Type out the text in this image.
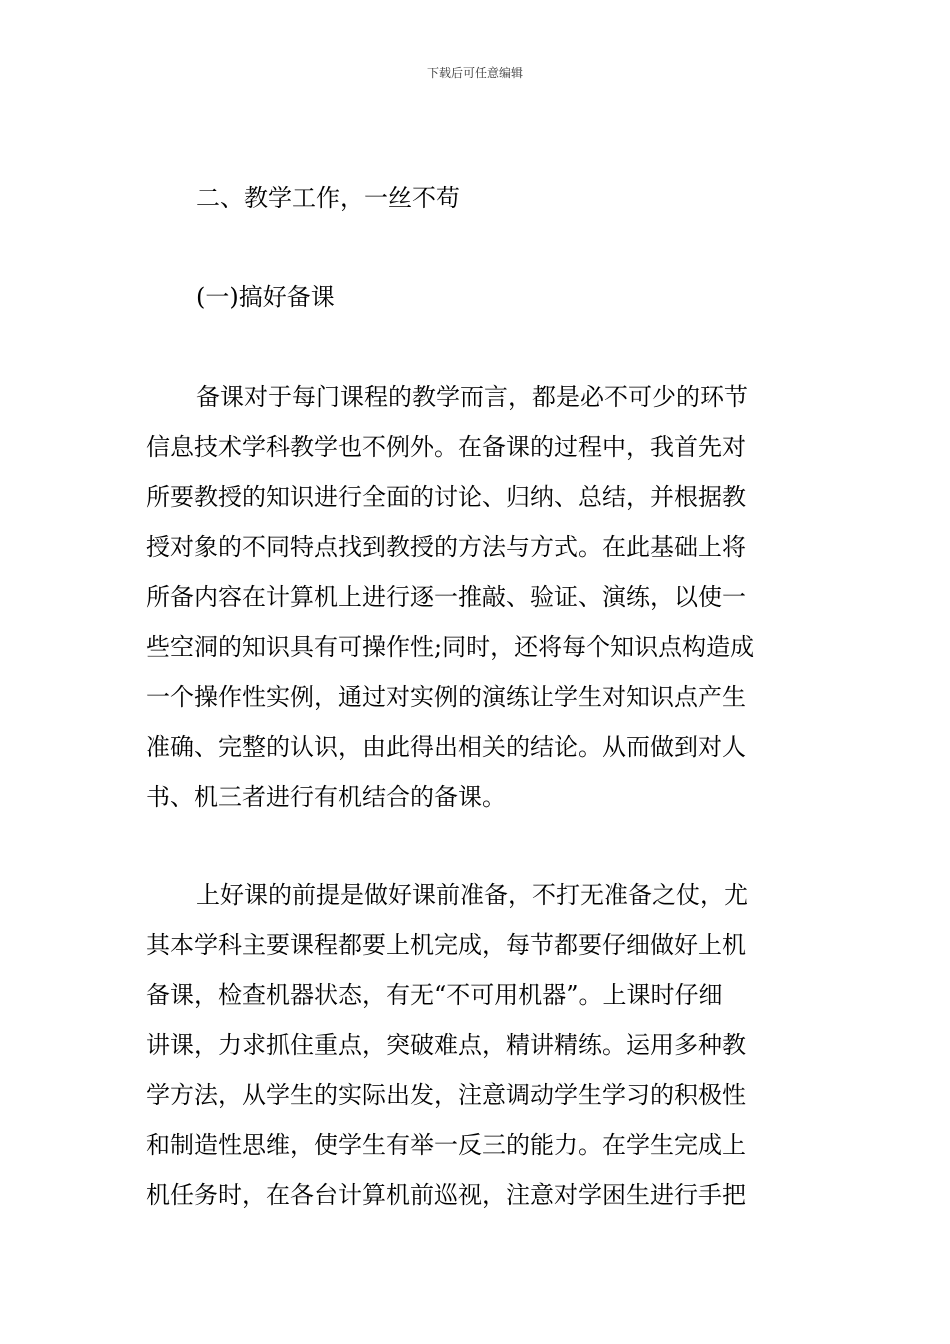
下载后可任意编辑
二、教学工作，一丝不苟
(一)搞好备课
备课对于每门课程的教学而言，都是必不可少的环节
信息技术学科教学也不例外。在备课的过程中，我首先对
所要教授的知识进行全面的讨论、归纳、总结，并根据教
授对象的不同特点找到教授的方法与方式。在此基础上将
所备内容在计算机上进行逐一推敲、验证、演练，以使一
些空洞的知识具有可操作性;同时，还将每个知识点构造成
一个操作性实例，通过对实例的演练让学生对知识点产生
准确、完整的认识，由此得出相关的结论。从而做到对人
书、机三者进行有机结合的备课。
上好课的前提是做好课前准备，不打无准备之仗，尤
其本学科主要课程都要上机完成，每节都要仔细做好上机
备课，检查机器状态，有无“不可用机器”。上课时仔细
讲课，力求抓住重点，突破难点，精讲精练。运用多种教
学方法，从学生的实际出发，注意调动学生学习的积极性
和制造性思维，使学生有举一反三的能力。在学生完成上
机任务时，在各台计算机前巡视，注意对学困生进行手把
